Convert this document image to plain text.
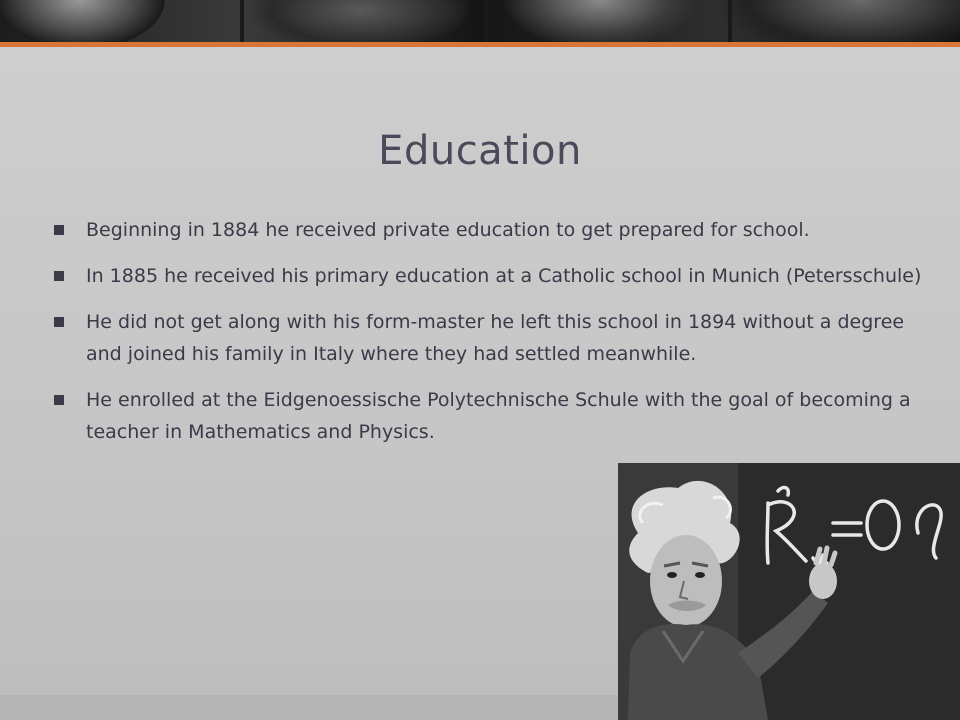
Education
Beginning in 1884 he received private education to get prepared for school.
In 1885 he received his primary education at a Catholic school in Munich (Petersschule)
He did not get along with his form-master he left this school in 1894 without a degree and joined his family in Italy where they had settled meanwhile.
He enrolled at the Eidgenoessische Polytechnische Schule with the goal of becoming a teacher in Mathematics and Physics.
